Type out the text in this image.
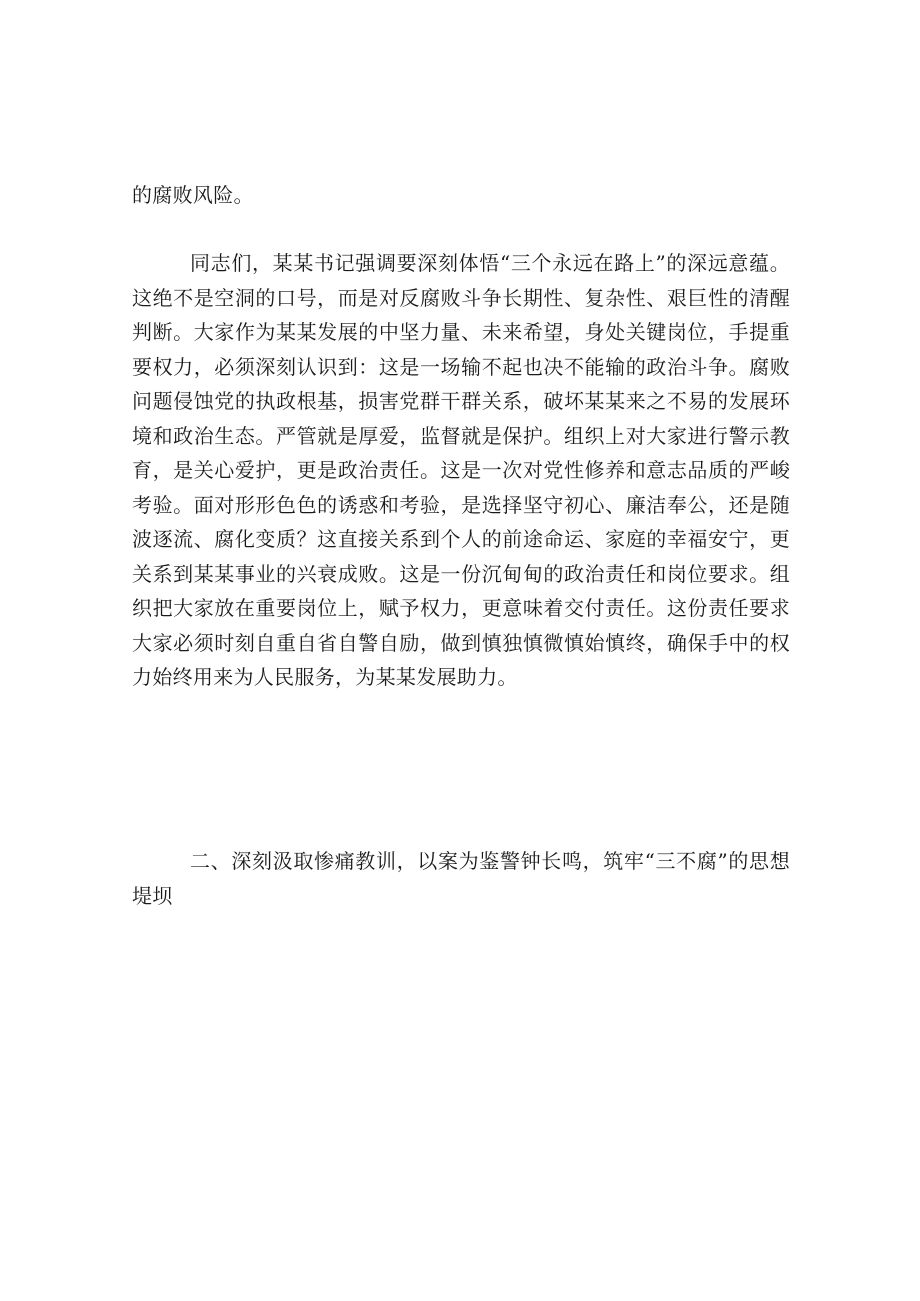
的腐败风险。

同志们，某某书记强调要深刻体悟“三个永远在路上”的深远意蕴。这绝不是空洞的口号，而是对反腐败斗争长期性、复杂性、艰巨性的清醒判断。大家作为某某发展的中坚力量、未来希望，身处关键岗位，手提重要权力，必须深刻认识到：这是一场输不起也决不能输的政治斗争。腐败问题侵蚀党的执政根基，损害党群干群关系，破坏某某来之不易的发展环境和政治生态。严管就是厚爱，监督就是保护。组织上对大家进行警示教育，是关心爱护，更是政治责任。这是一次对党性修养和意志品质的严峻考验。面对形形色色的诱惑和考验，是选择坚守初心、廉洁奉公，还是随波逐流、腐化变质？这直接关系到个人的前途命运、家庭的幸福安宁，更关系到某某事业的兴衰成败。这是一份沉甸甸的政治责任和岗位要求。组织把大家放在重要岗位上，赋予权力，更意味着交付责任。这份责任要求大家必须时刻自重自省自警自励，做到慎独慎微慎始慎终，确保手中的权力始终用来为人民服务，为某某发展助力。

二、深刻汲取惨痛教训，以案为鉴警钟长鸣，筑牢“三不腐”的思想堤坝
